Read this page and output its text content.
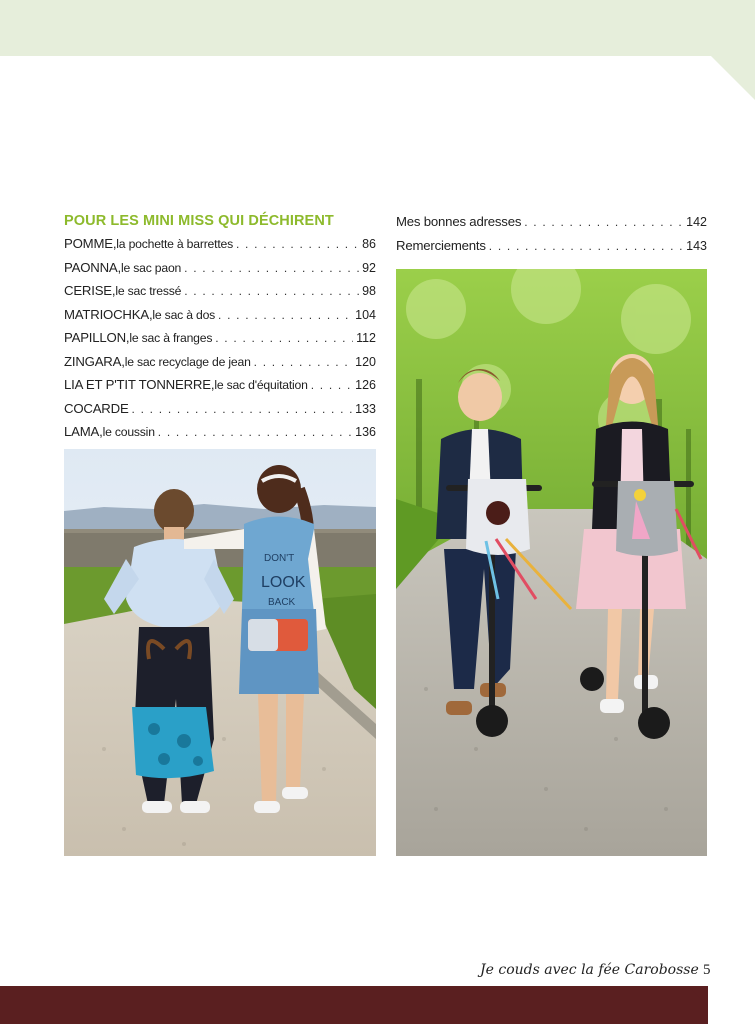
POUR LES MINI MISS QUI DÉCHIRENT
POMME, la pochette à barrettes . . .	86
PAONNA, le sac paon . . .	92
CERISE, le sac tressé . . .	98
MATRIOCHKA, le sac à dos . . .	104
PAPILLON, le sac à franges . . .	112
ZINGARA, le sac recyclage de jean . . .	120
LIA ET P'TIT TONNERRE, le sac d'équitation . . .	126
COCARDE . . .	133
LAMA, le coussin . . .	136
Mes bonnes adresses . . .	142
Remerciements . . .	143
DON'T
LOOK
BACK
Je couds avec la fée Carobosse 5
